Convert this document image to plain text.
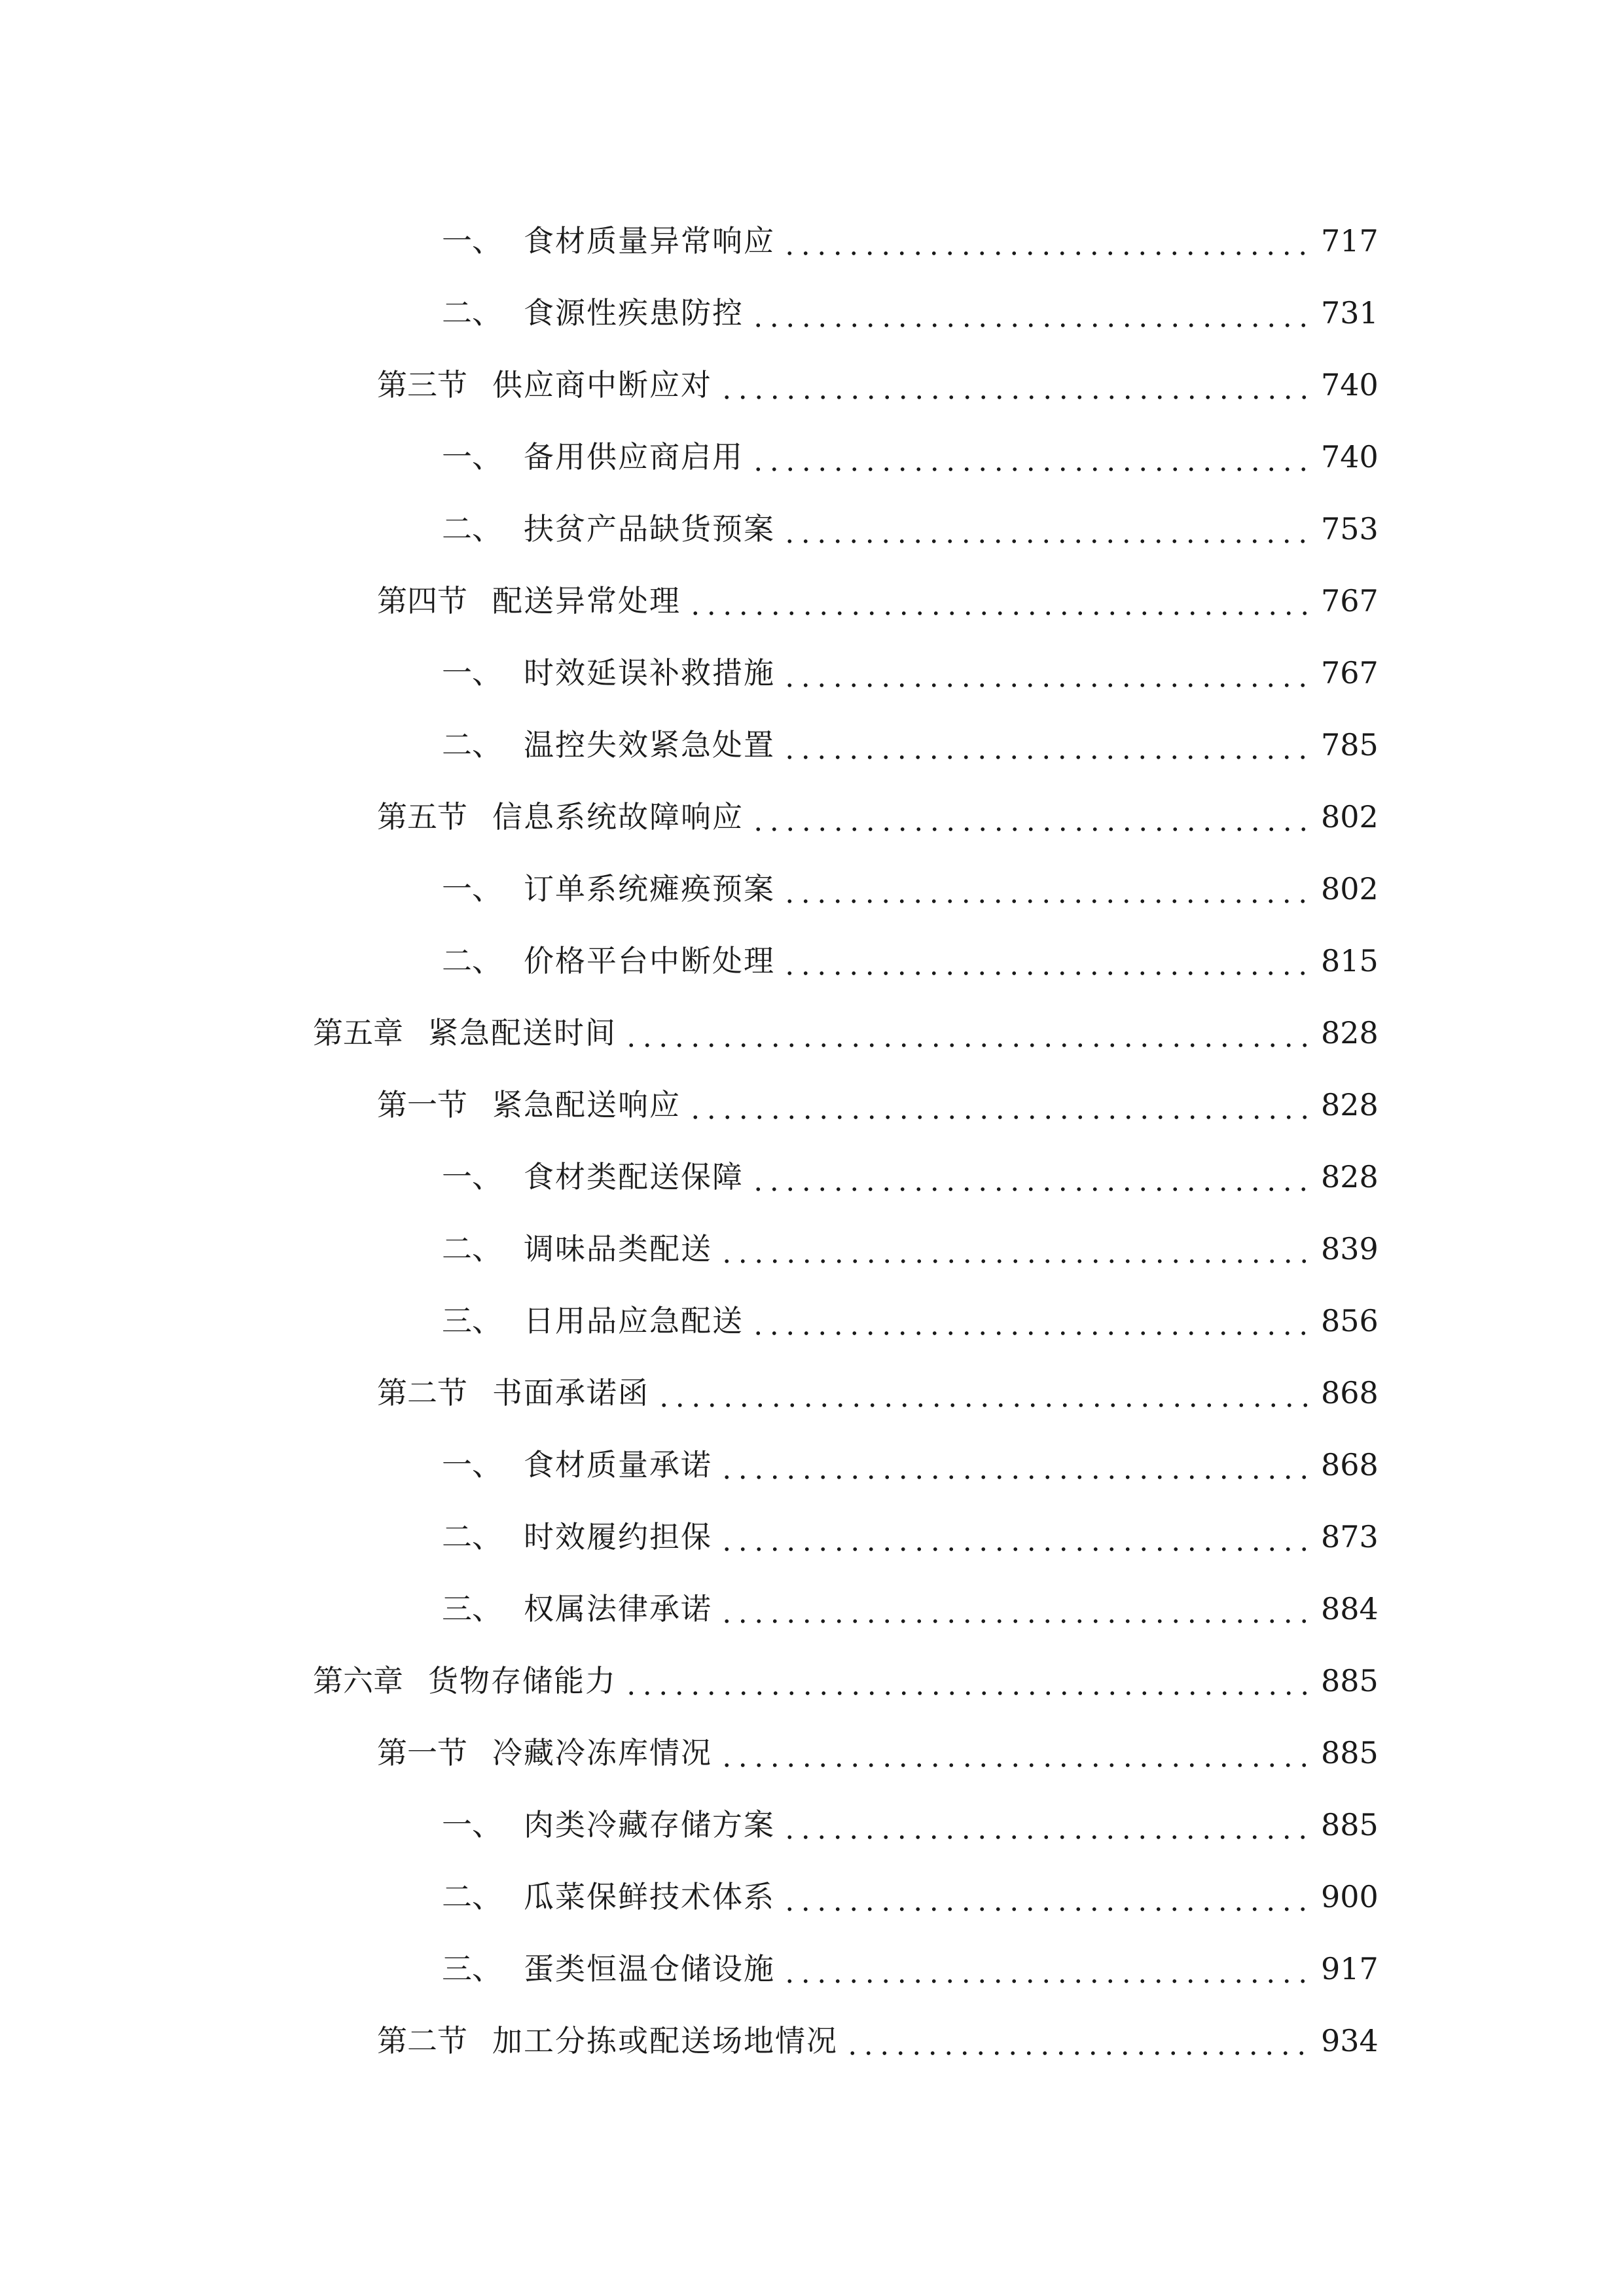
一、 食材质量异常响应	717
二、 食源性疾患防控	731
第三节 供应商中断应对	740
一、 备用供应商启用	740
二、 扶贫产品缺货预案	753
第四节 配送异常处理	767
一、 时效延误补救措施	767
二、 温控失效紧急处置	785
第五节 信息系统故障响应	802
一、 订单系统瘫痪预案	802
二、 价格平台中断处理	815
第五章 紧急配送时间	828
第一节 紧急配送响应	828
一、 食材类配送保障	828
二、 调味品类配送	839
三、 日用品应急配送	856
第二节 书面承诺函	868
一、 食材质量承诺	868
二、 时效履约担保	873
三、 权属法律承诺	884
第六章 货物存储能力	885
第一节 冷藏冷冻库情况	885
一、 肉类冷藏存储方案	885
二、 瓜菜保鲜技术体系	900
三、 蛋类恒温仓储设施	917
第二节 加工分拣或配送场地情况	934
